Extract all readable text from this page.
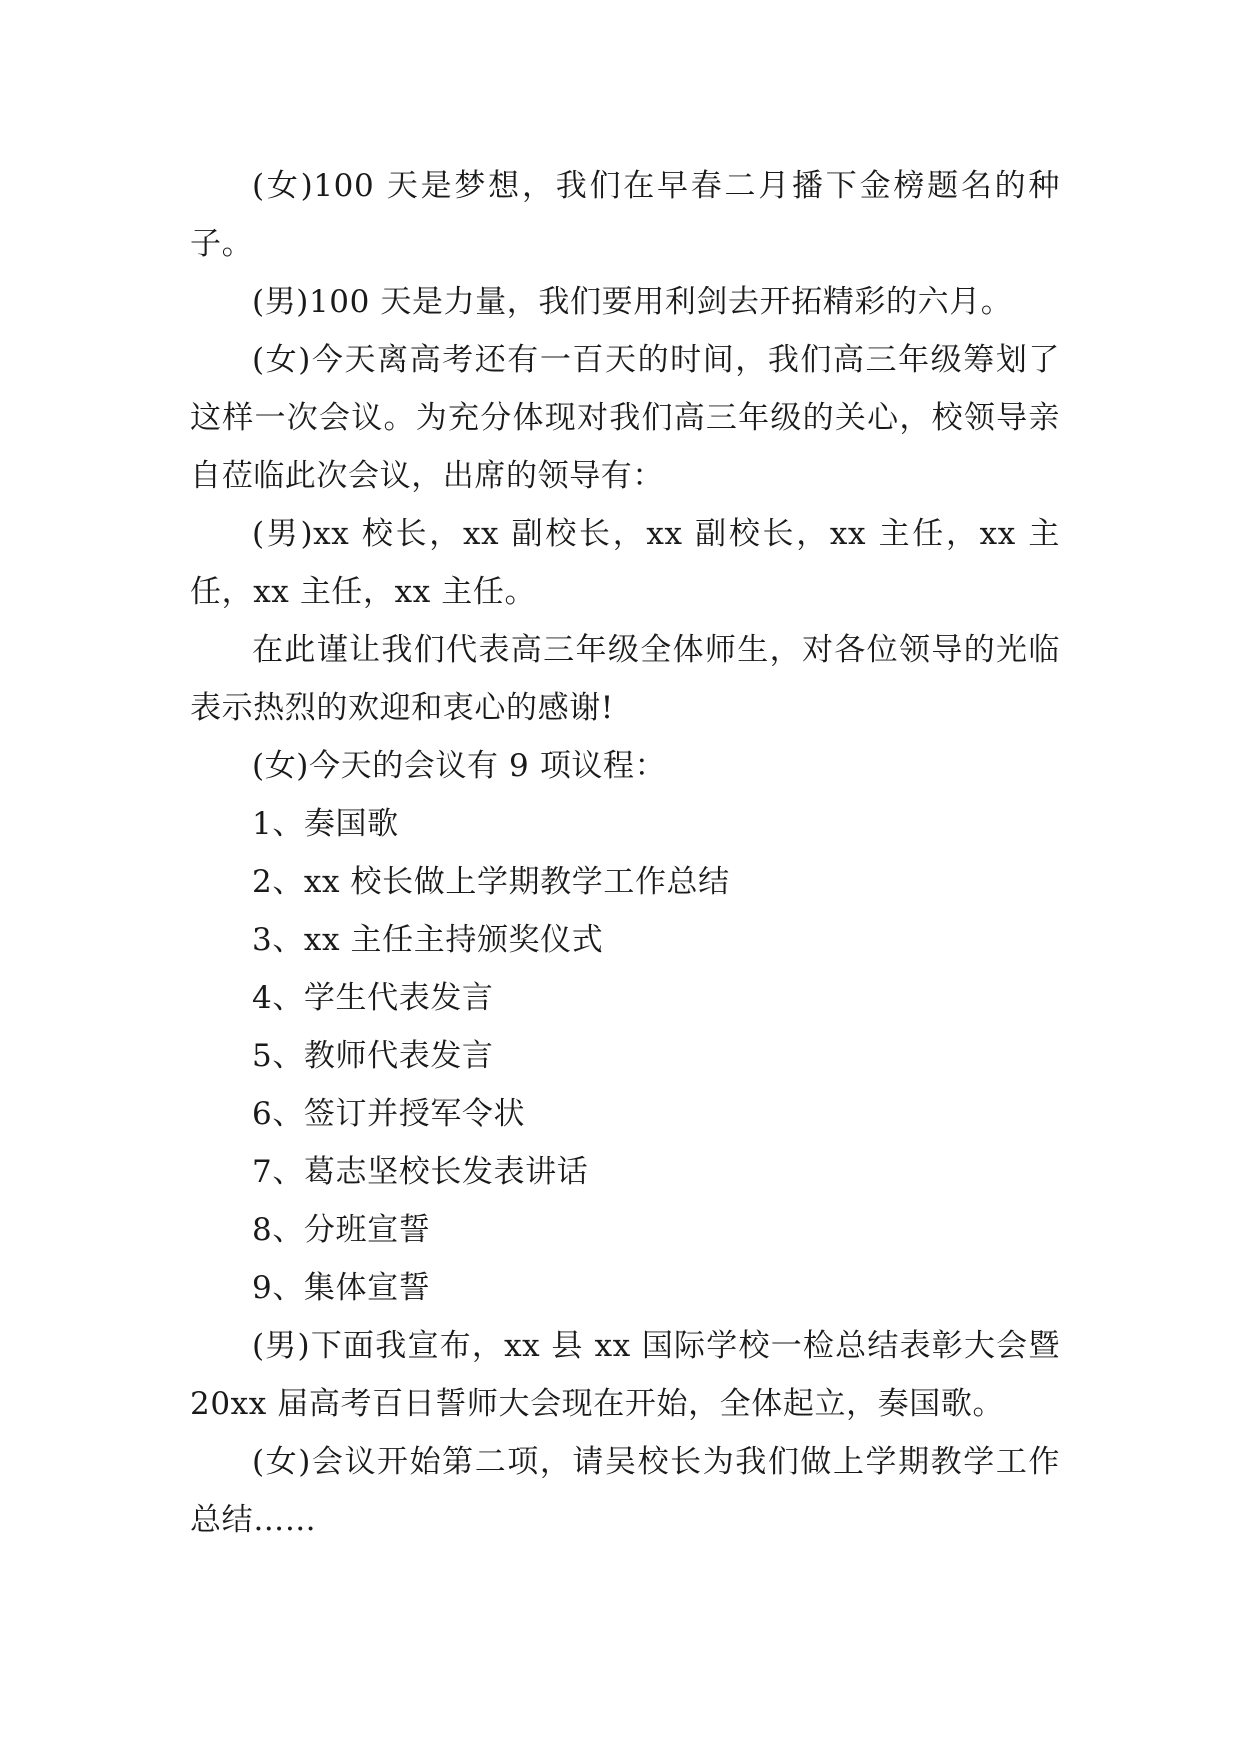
(女)100 天是梦想，我们在早春二月播下金榜题名的种子。

(男)100 天是力量，我们要用利剑去开拓精彩的六月。

(女)今天离高考还有一百天的时间，我们高三年级筹划了这样一次会议。为充分体现对我们高三年级的关心，校领导亲自莅临此次会议，出席的领导有：

(男)xx 校长，xx 副校长，xx 副校长，xx 主任，xx 主任，xx 主任，xx 主任。

在此谨让我们代表高三年级全体师生，对各位领导的光临表示热烈的欢迎和衷心的感谢!

(女)今天的会议有 9 项议程：

1、奏国歌

2、xx 校长做上学期教学工作总结

3、xx 主任主持颁奖仪式

4、学生代表发言

5、教师代表发言

6、签订并授军令状

7、葛志坚校长发表讲话

8、分班宣誓

9、集体宣誓

(男)下面我宣布，xx 县 xx 国际学校一检总结表彰大会暨 20xx 届高考百日誓师大会现在开始，全体起立，奏国歌。

(女)会议开始第二项，请吴校长为我们做上学期教学工作总结……
